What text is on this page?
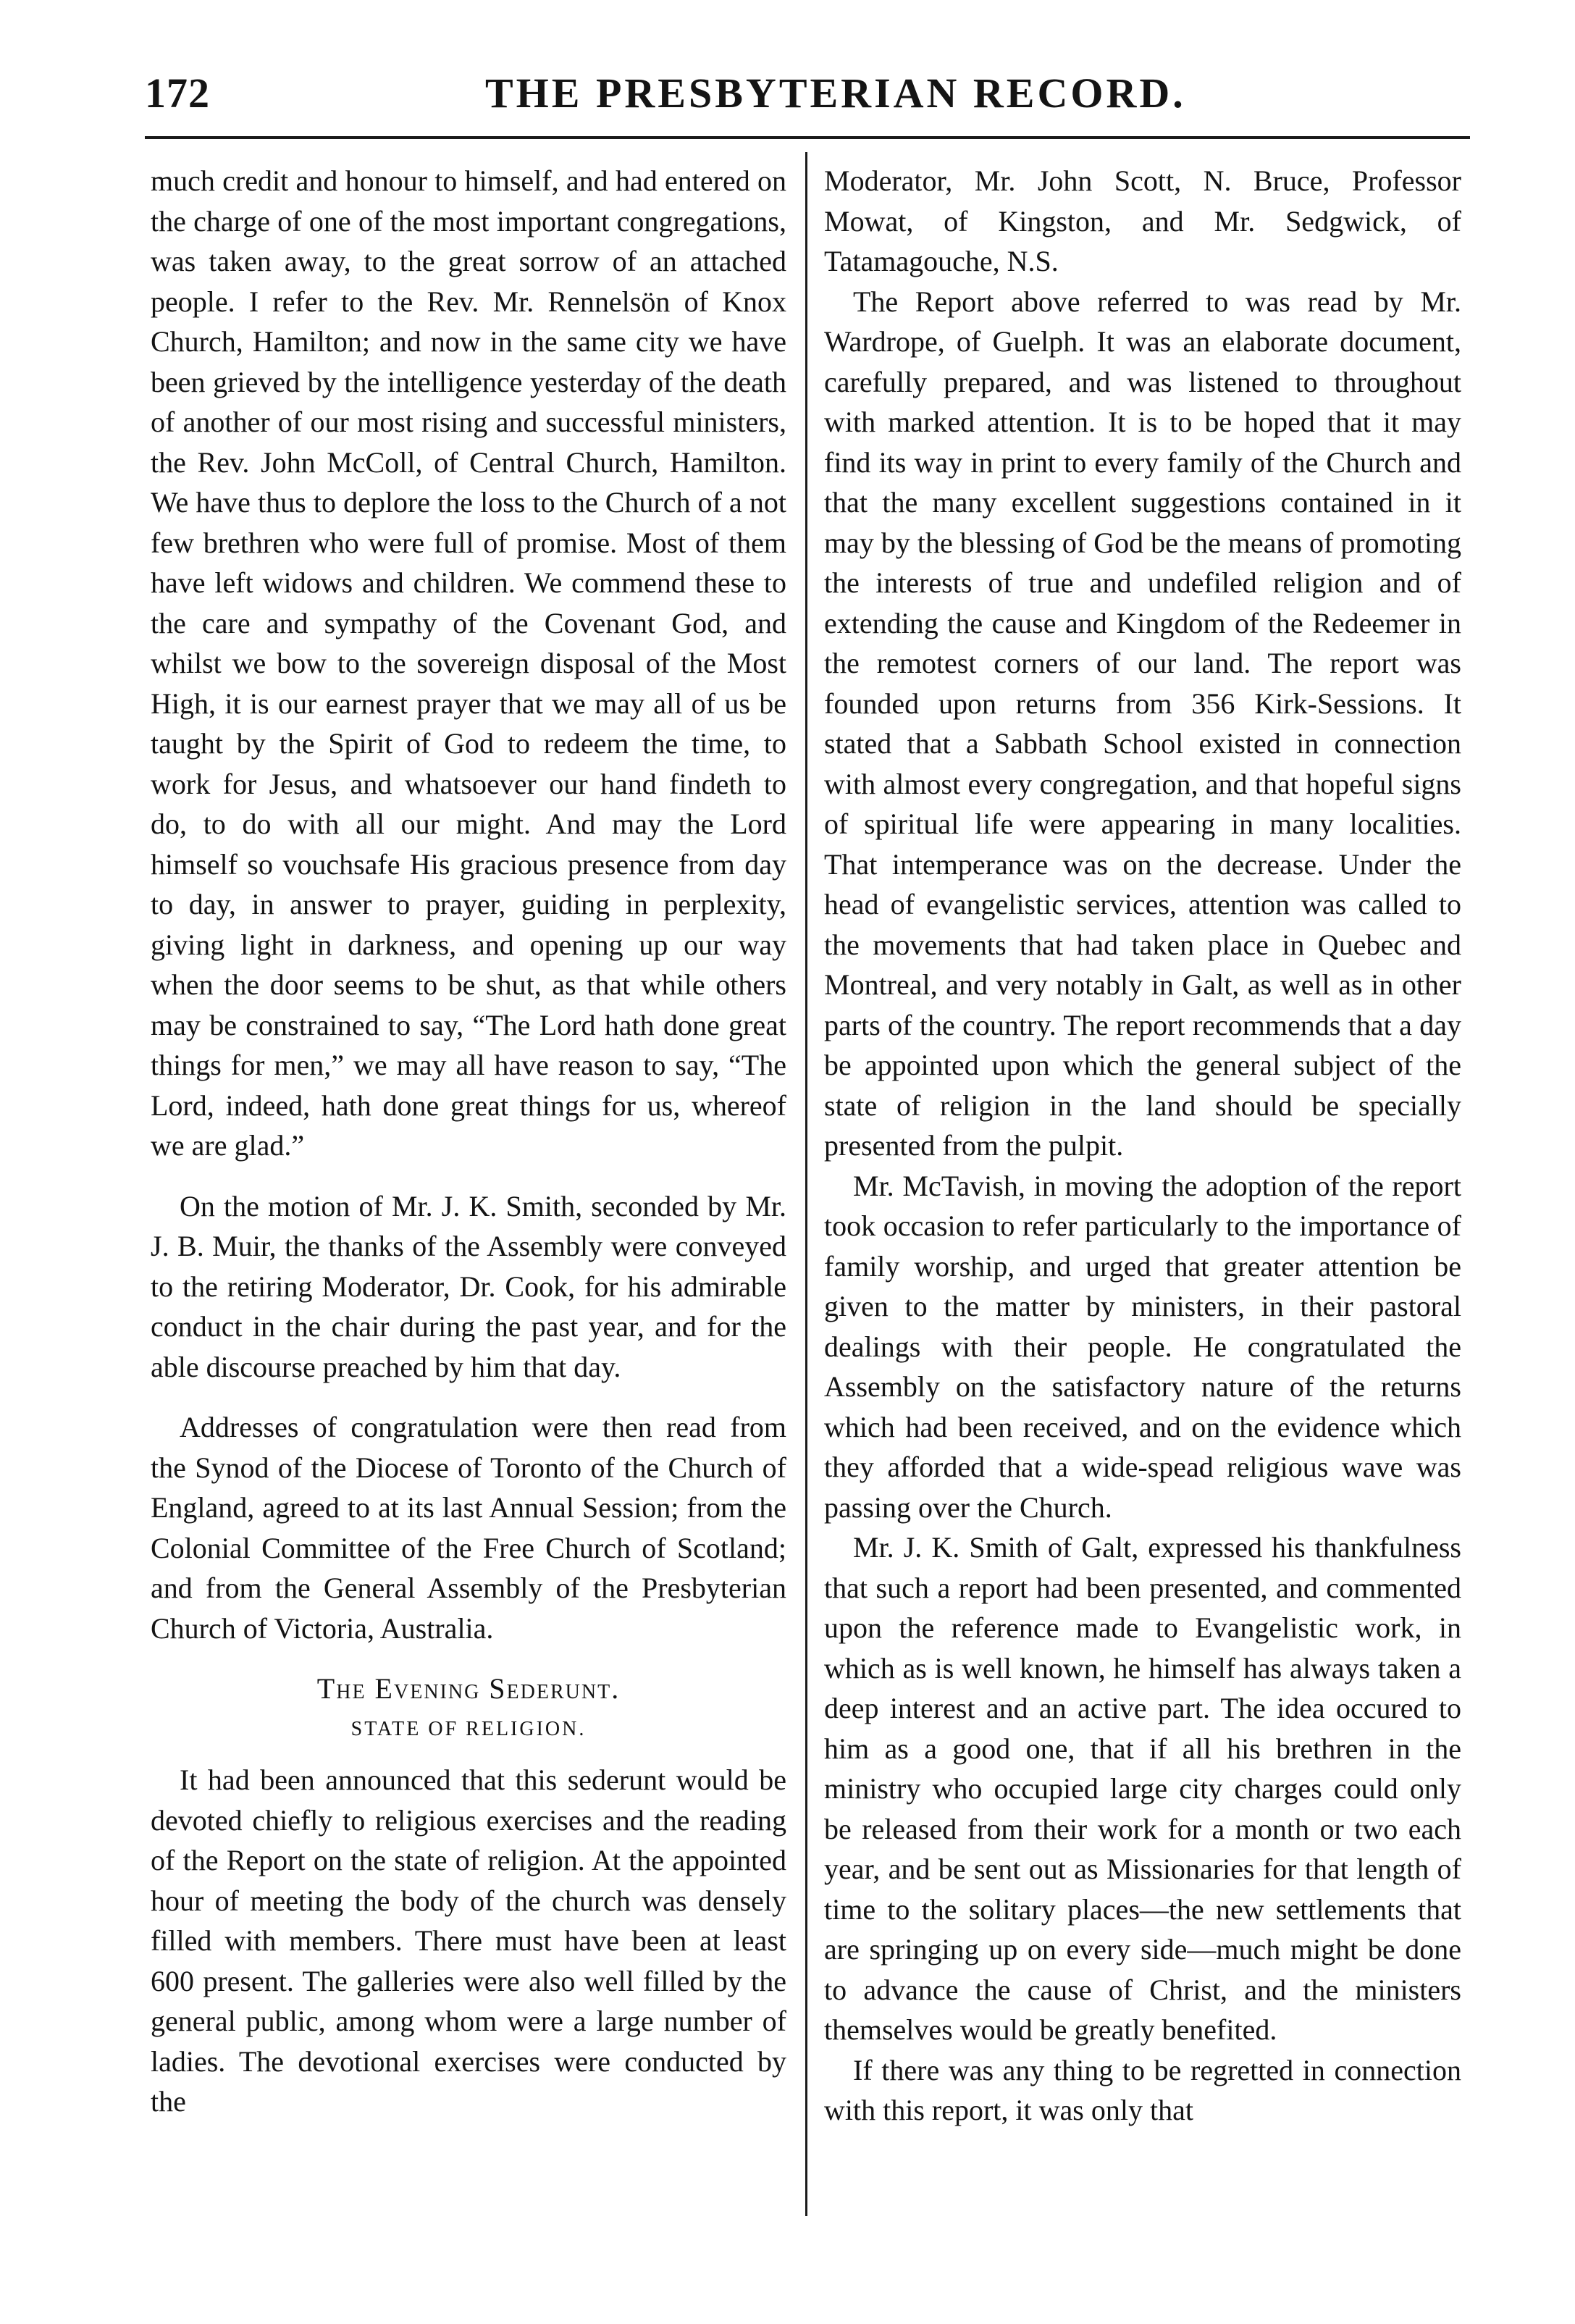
172	THE PRESBYTERIAN RECORD.

much credit and honour to himself, and had entered on the charge of one of the most important congregations, was taken away, to the great sorrow of an attached people. I refer to the Rev. Mr. Rennelsön of Knox Church, Hamilton; and now in the same city we have been grieved by the intelligence yesterday of the death of another of our most rising and successful ministers, the Rev. John McColl, of Central Church, Hamilton. We have thus to deplore the loss to the Church of a not few brethren who were full of promise. Most of them have left widows and children. We commend these to the care and sympathy of the Covenant God, and whilst we bow to the sovereign disposal of the Most High, it is our earnest prayer that we may all of us be taught by the Spirit of God to redeem the time, to work for Jesus, and whatsoever our hand findeth to do, to do with all our might. And may the Lord himself so vouchsafe His gracious presence from day to day, in answer to prayer, guiding in perplexity, giving light in darkness, and opening up our way when the door seems to be shut, as that while others may be constrained to say, “The Lord hath done great things for men,” we may all have reason to say, “The Lord, indeed, hath done great things for us, whereof we are glad.”

On the motion of Mr. J. K. Smith, seconded by Mr. J. B. Muir, the thanks of the Assembly were conveyed to the retiring Moderator, Dr. Cook, for his admirable conduct in the chair during the past year, and for the able discourse preached by him that day.

Addresses of congratulation were then read from the Synod of the Diocese of Toronto of the Church of England, agreed to at its last Annual Session; from the Colonial Committee of the Free Church of Scotland; and from the General Assembly of the Presbyterian Church of Victoria, Australia.

The Evening Sederunt.

STATE OF RELIGION.

It had been announced that this sederunt would be devoted chiefly to religious exercises and the reading of the Report on the state of religion. At the appointed hour of meeting the body of the church was densely filled with members. There must have been at least 600 present. The galleries were also well filled by the general public, among whom were a large number of ladies. The devotional exercises were conducted by the

Moderator, Mr. John Scott, N. Bruce, Professor Mowat, of Kingston, and Mr. Sedgwick, of Tatamagouche, N.S.

The Report above referred to was read by Mr. Wardrope, of Guelph. It was an elaborate document, carefully prepared, and was listened to throughout with marked attention. It is to be hoped that it may find its way in print to every family of the Church and that the many excellent suggestions contained in it may by the blessing of God be the means of promoting the interests of true and undefiled religion and of extending the cause and Kingdom of the Redeemer in the remotest corners of our land. The report was founded upon returns from 356 Kirk-Sessions. It stated that a Sabbath School existed in connection with almost every congregation, and that hopeful signs of spiritual life were appearing in many localities. That intemperance was on the decrease. Under the head of evangelistic services, attention was called to the movements that had taken place in Quebec and Montreal, and very notably in Galt, as well as in other parts of the country. The report recommends that a day be appointed upon which the general subject of the state of religion in the land should be specially presented from the pulpit.

Mr. McTavish, in moving the adoption of the report took occasion to refer particularly to the importance of family worship, and urged that greater attention be given to the matter by ministers, in their pastoral dealings with their people. He congratulated the Assembly on the satisfactory nature of the returns which had been received, and on the evidence which they afforded that a wide-spead religious wave was passing over the Church.

Mr. J. K. Smith of Galt, expressed his thankfulness that such a report had been presented, and commented upon the reference made to Evangelistic work, in which as is well known, he himself has always taken a deep interest and an active part. The idea occured to him as a good one, that if all his brethren in the ministry who occupied large city charges could only be released from their work for a month or two each year, and be sent out as Missionaries for that length of time to the solitary places—the new settlements that are springing up on every side—much might be done to advance the cause of Christ, and the ministers themselves would be greatly benefited.

If there was any thing to be regretted in connection with this report, it was only that
